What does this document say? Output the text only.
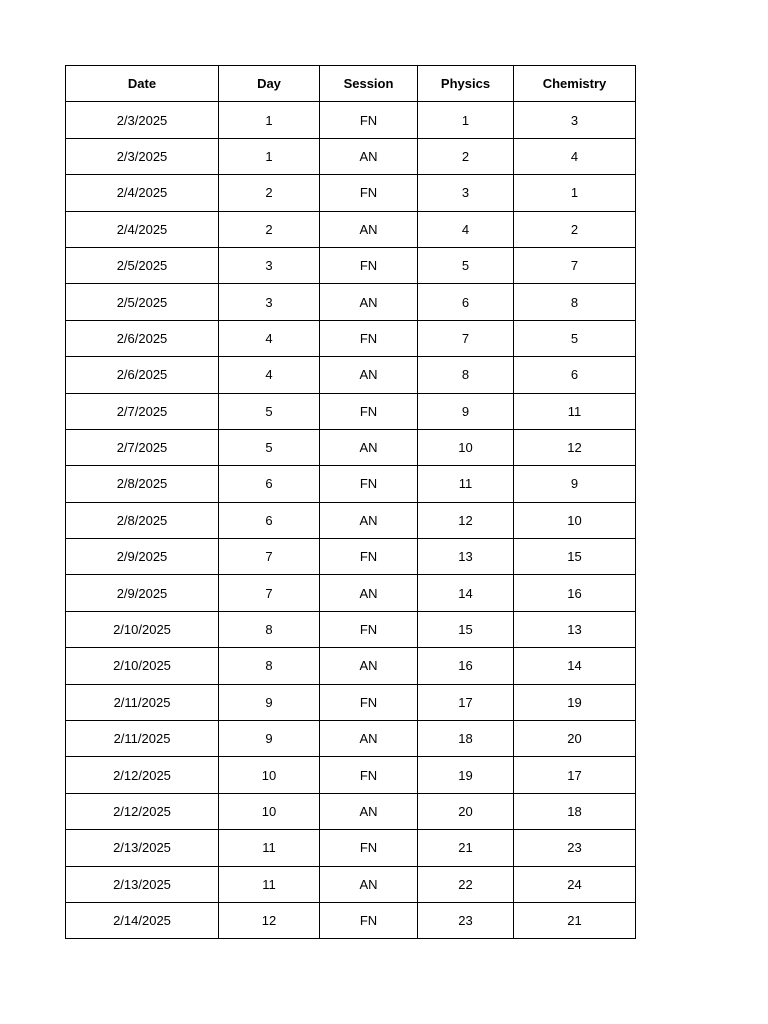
Date	Day	Session	Physics	Chemistry
2/3/2025	1	FN	1	3
2/3/2025	1	AN	2	4
2/4/2025	2	FN	3	1
2/4/2025	2	AN	4	2
2/5/2025	3	FN	5	7
2/5/2025	3	AN	6	8
2/6/2025	4	FN	7	5
2/6/2025	4	AN	8	6
2/7/2025	5	FN	9	11
2/7/2025	5	AN	10	12
2/8/2025	6	FN	11	9
2/8/2025	6	AN	12	10
2/9/2025	7	FN	13	15
2/9/2025	7	AN	14	16
2/10/2025	8	FN	15	13
2/10/2025	8	AN	16	14
2/11/2025	9	FN	17	19
2/11/2025	9	AN	18	20
2/12/2025	10	FN	19	17
2/12/2025	10	AN	20	18
2/13/2025	11	FN	21	23
2/13/2025	11	AN	22	24
2/14/2025	12	FN	23	21
